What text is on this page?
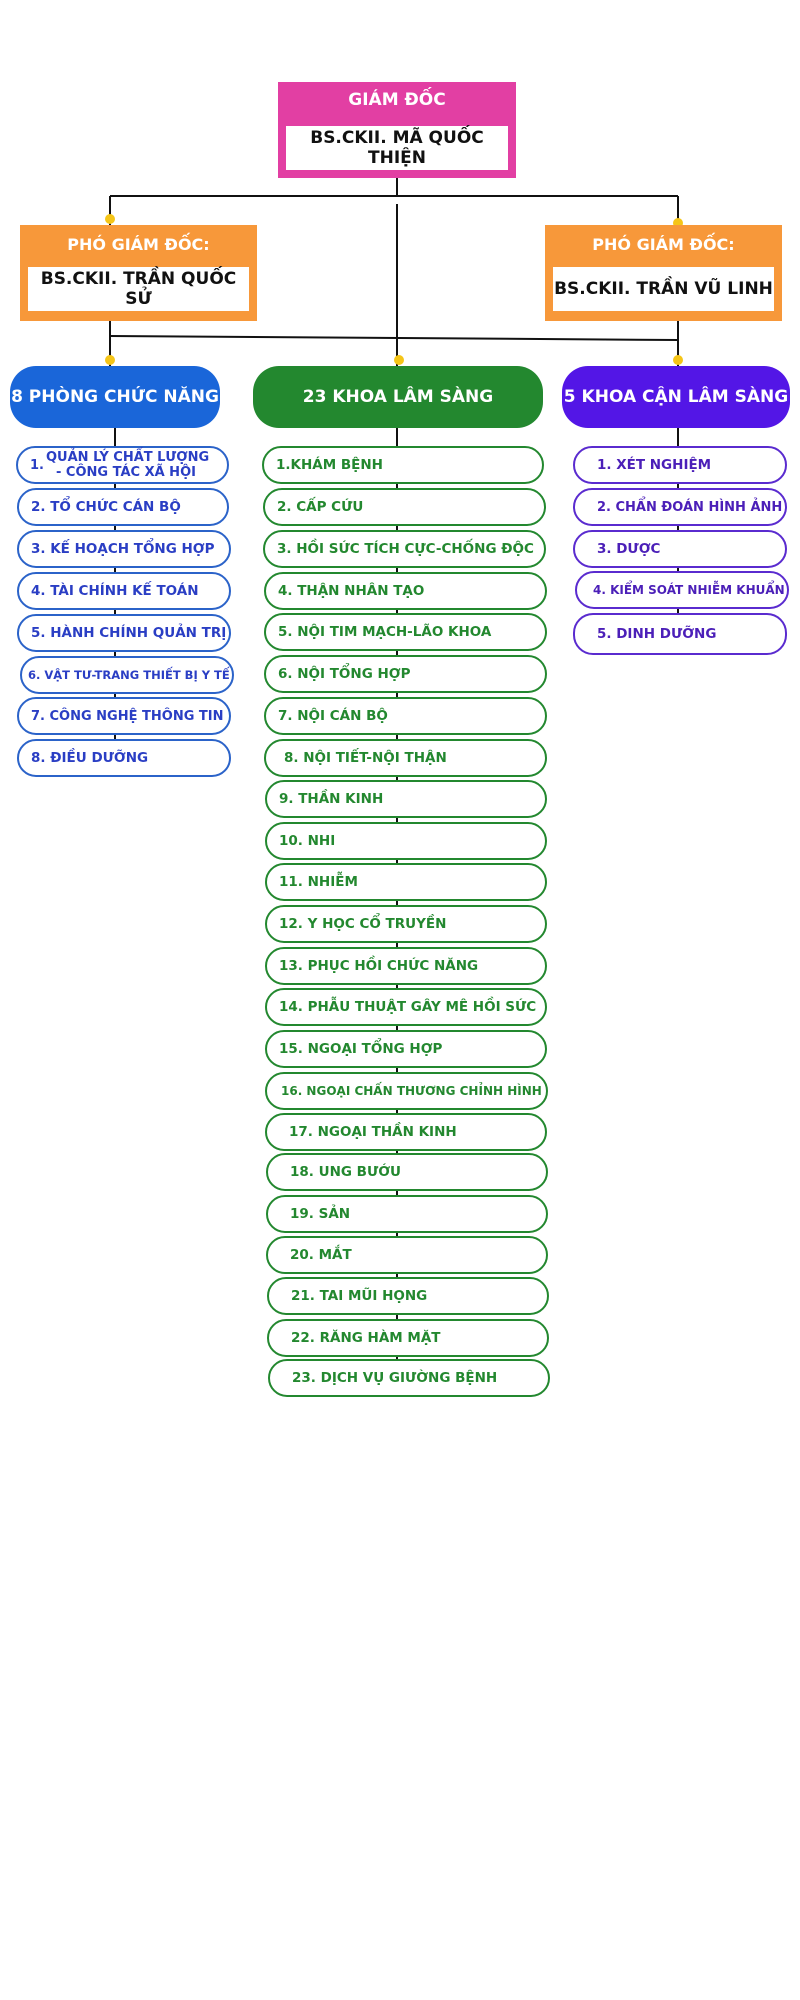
GIÁM ĐỐC
BS.CKII. MÃ QUỐC THIỆN
PHÓ GIÁM ĐỐC:
BS.CKII. TRẦN QUỐC SỬ
PHÓ GIÁM ĐỐC:
BS.CKII. TRẦN VŨ LINH
8 PHÒNG CHỨC NĂNG	23 KHOA LÂM SÀNG	5 KHOA CẬN LÂM SÀNG
1.
QUẢN LÝ CHẤT LƯỢNG
- CÔNG TÁC XÃ HỘI
2. TỔ CHỨC CÁN BỘ
3. KẾ HOẠCH TỔNG HỢP
4. TÀI CHÍNH KẾ TOÁN
5. HÀNH CHÍNH QUẢN TRỊ
6. VẬT TƯ-TRANG THIẾT BỊ Y TẾ
7. CÔNG NGHỆ THÔNG TIN
8. ĐIỀU DƯỠNG
1.KHÁM BỆNH
2. CẤP CỨU
3. HỒI SỨC TÍCH CỰC-CHỐNG ĐỘC
4. THẬN NHÂN TẠO
5. NỘI TIM MẠCH-LÃO KHOA
6. NỘI TỔNG HỢP
7. NỘI CÁN BỘ
8. NỘI TIẾT-NỘI THẬN
9. THẦN KINH
10. NHI
11. NHIỄM
12. Y HỌC CỔ TRUYỀN
13. PHỤC HỒI CHỨC NĂNG
14. PHẪU THUẬT GÂY MÊ HỒI SỨC
15. NGOẠI TỔNG HỢP
16. NGOẠI CHẤN THƯƠNG CHỈNH HÌNH
17. NGOẠI THẦN KINH
18. UNG BƯỚU
19. SẢN
20. MẮT
21. TAI MŨI HỌNG
22. RĂNG HÀM MẶT
23. DỊCH VỤ GIƯỜNG BỆNH
1. XÉT NGHIỆM
2. CHẨN ĐOÁN HÌNH ẢNH
3. DƯỢC
4. KIỂM SOÁT NHIỄM KHUẨN
5. DINH DƯỠNG
